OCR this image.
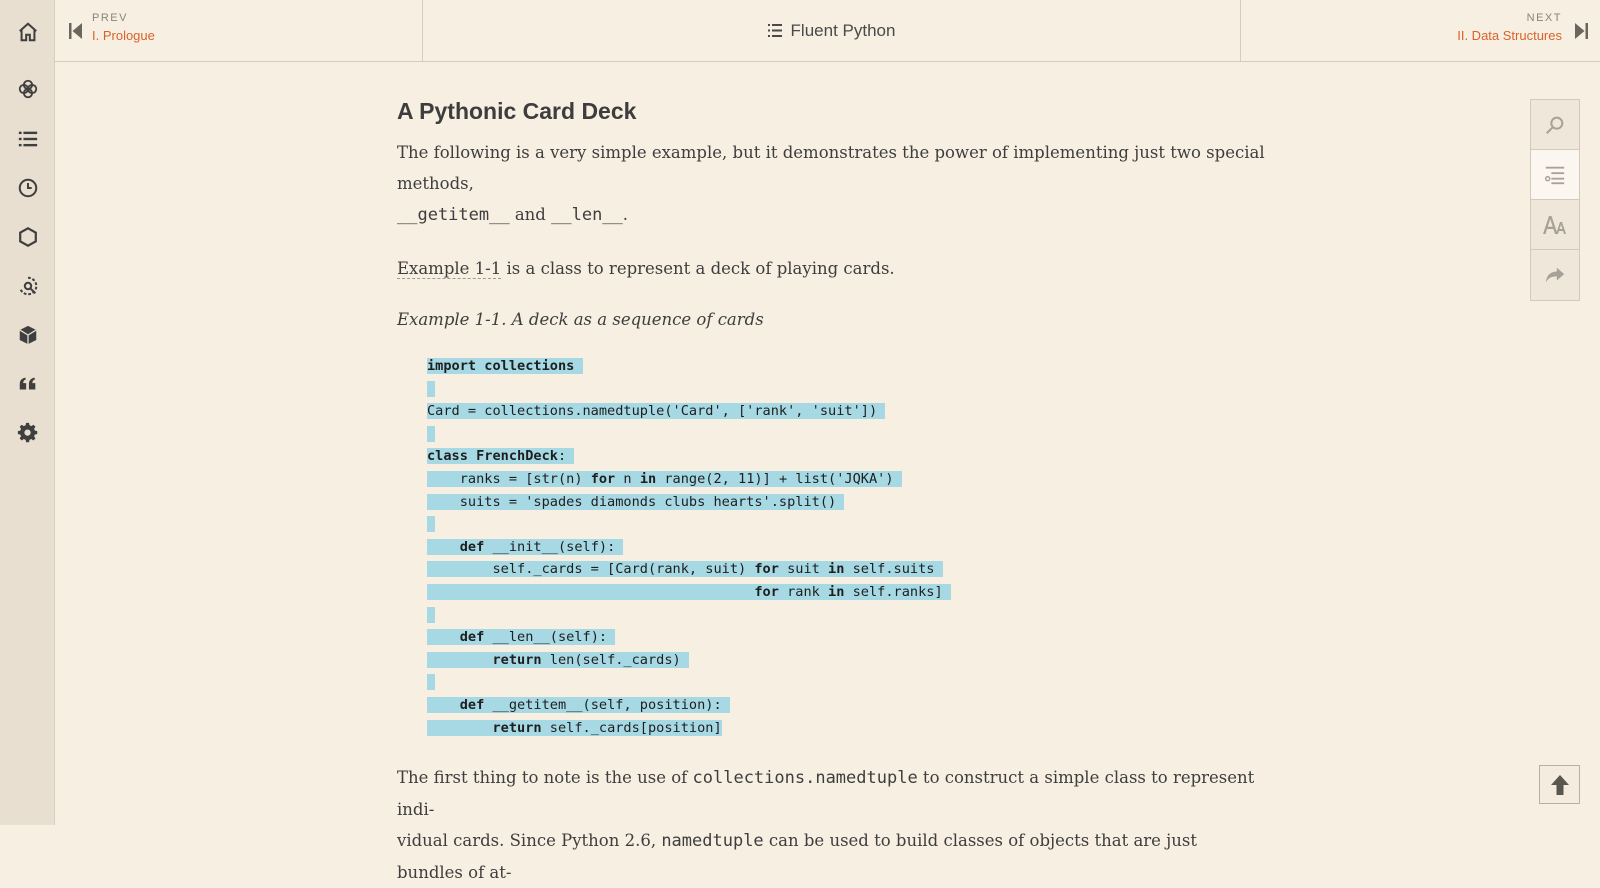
PREV
I. Prologue	Fluent Python
NEXT
II. Data Structures
A Pythonic Card Deck

The following is a very simple example, but it demonstrates the power of implementing just two special methods,
__getitem__ and __len__.

Example 1-1 is a class to represent a deck of playing cards.

Example 1-1. A deck as a sequence of cards
import collections

Card = collections.namedtuple('Card', ['rank', 'suit'])

class FrenchDeck:
ranks = [str(n) for n in range(2, 11)] + list('JQKA')
suits = 'spades diamonds clubs hearts'.split()

def __init__(self):
self._cards = [Card(rank, suit) for suit in self.suits
for rank in self.ranks]

def __len__(self):
return len(self._cards)

def __getitem__(self, position):
return self._cards[position]

The first thing to note is the use of collections.namedtuple to construct a simple class to represent indi-
vidual cards. Since Python 2.6, namedtuple can be used to build classes of objects that are just bundles of at-
